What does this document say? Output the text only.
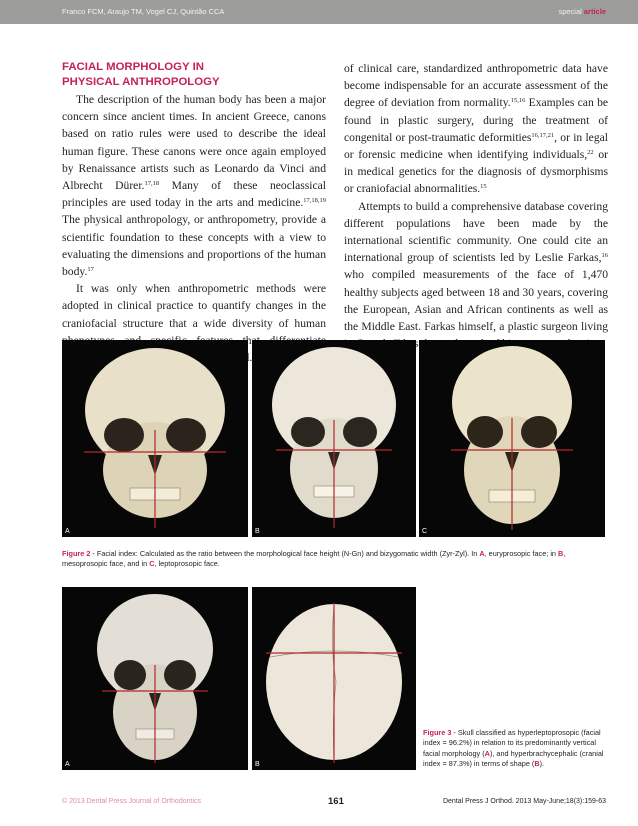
Franco FCM, Araujo TM, Vogel CJ, Quintão CCA	special article
FACIAL MORPHOLOGY IN
PHYSICAL ANTHROPOLOGY

The description of the human body has been a major concern since ancient times. In ancient Greece, canons based on ratio rules were used to describe the ideal human figure. These canons were once again employed by Renaissance artists such as Leonardo da Vinci and Albrecht Dürer.$^{17,18}$ Many of these neoclassical principles are used today in the arts and medicine.$^{17,18,19}$ The physical anthropology, or anthropometry, provide a scientific foundation to these concepts with a view to evaluating the dimensions and proportions of the human body.$^{17}$

It was only when anthropometric methods were adopted in clinical practice to quantify changes in the craniofacial structure that a wide diversity of human

of clinical care, standardized anthropometric data have become indispensable for an accurate assessment of the degree of deviation from normality.$^{15,16}$ Examples can be found in plastic surgery, during the treatment of congenital or post-traumatic deformities$^{16,17,21}$, or in legal or forensic medicine when identifying individuals,$^{22}$ or in medical genetics for the diagnosis of dysmorphisms or craniofacial abnormalities.$^{15}$

Attempts to build a comprehensive database covering different populations have been made by the international scientific community. One could cite an international group of scientists led by Leslie Farkas,$^{16}$ who compiled measurements of the face of 1,470 healthy subjects aged between 18 and 30 years, covering the European, Asian and African continents as well as the Middle East. Farkas himself, a plastic surgeon living

A	B	C
Figure 2 - Facial index: Calculated as the ratio between the morphological face height (N-Gn) and bizygomatic width (Zyr-Zyl). In A, euryprosopic face; in B, mesoprosopic face, and in C, leptoprosopic face.
A	B
Figure 3 - Skull classified as hyperleptoprosopic (facial index = 96.2%) in relation to its predominantly vertical facial morphology (A), and hyperbrachycephalic (cranial index = 87.3%) in terms of shape (B).
© 2013 Dental Press Journal of Orthodontics	161	Dental Press J Orthod. 2013 May-June;18(3):159-63
